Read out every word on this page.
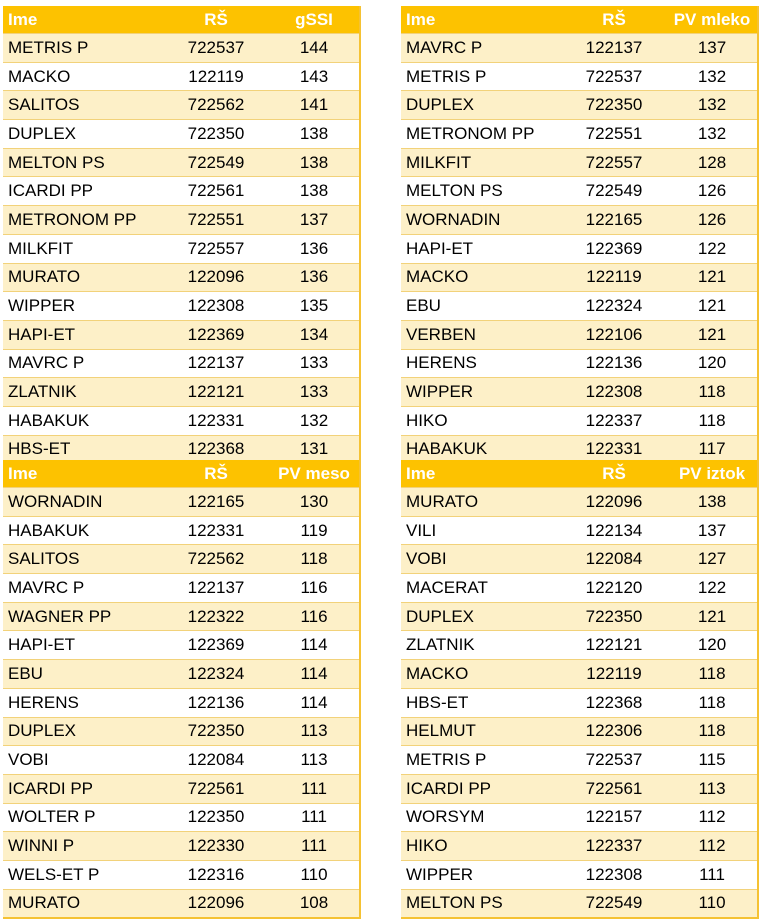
Ime	RŠ	gSSI
METRIS P	722537	144
MACKO	122119	143
SALITOS	722562	141
DUPLEX	722350	138
MELTON PS	722549	138
ICARDI PP	722561	138
METRONOM PP	722551	137
MILKFIT	722557	136
MURATO	122096	136
WIPPER	122308	135
HAPI-ET	122369	134
MAVRC P	122137	133
ZLATNIK	122121	133
HABAKUK	122331	132
HBS-ET	122368	131
Ime	RŠ	PV mleko
MAVRC P	122137	137
METRIS P	722537	132
DUPLEX	722350	132
METRONOM PP	722551	132
MILKFIT	722557	128
MELTON PS	722549	126
WORNADIN	122165	126
HAPI-ET	122369	122
MACKO	122119	121
EBU	122324	121
VERBEN	122106	121
HERENS	122136	120
WIPPER	122308	118
HIKO	122337	118
HABAKUK	122331	117
Ime	RŠ	PV meso
WORNADIN	122165	130
HABAKUK	122331	119
SALITOS	722562	118
MAVRC P	122137	116
WAGNER PP	122322	116
HAPI-ET	122369	114
EBU	122324	114
HERENS	122136	114
DUPLEX	722350	113
VOBI	122084	113
ICARDI PP	722561	111
WOLTER P	122350	111
WINNI P	122330	111
WELS-ET P	122316	110
MURATO	122096	108
Ime	RŠ	PV iztok
MURATO	122096	138
VILI	122134	137
VOBI	122084	127
MACERAT	122120	122
DUPLEX	722350	121
ZLATNIK	122121	120
MACKO	122119	118
HBS-ET	122368	118
HELMUT	122306	118
METRIS P	722537	115
ICARDI PP	722561	113
WORSYM	122157	112
HIKO	122337	112
WIPPER	122308	111
MELTON PS	722549	110
